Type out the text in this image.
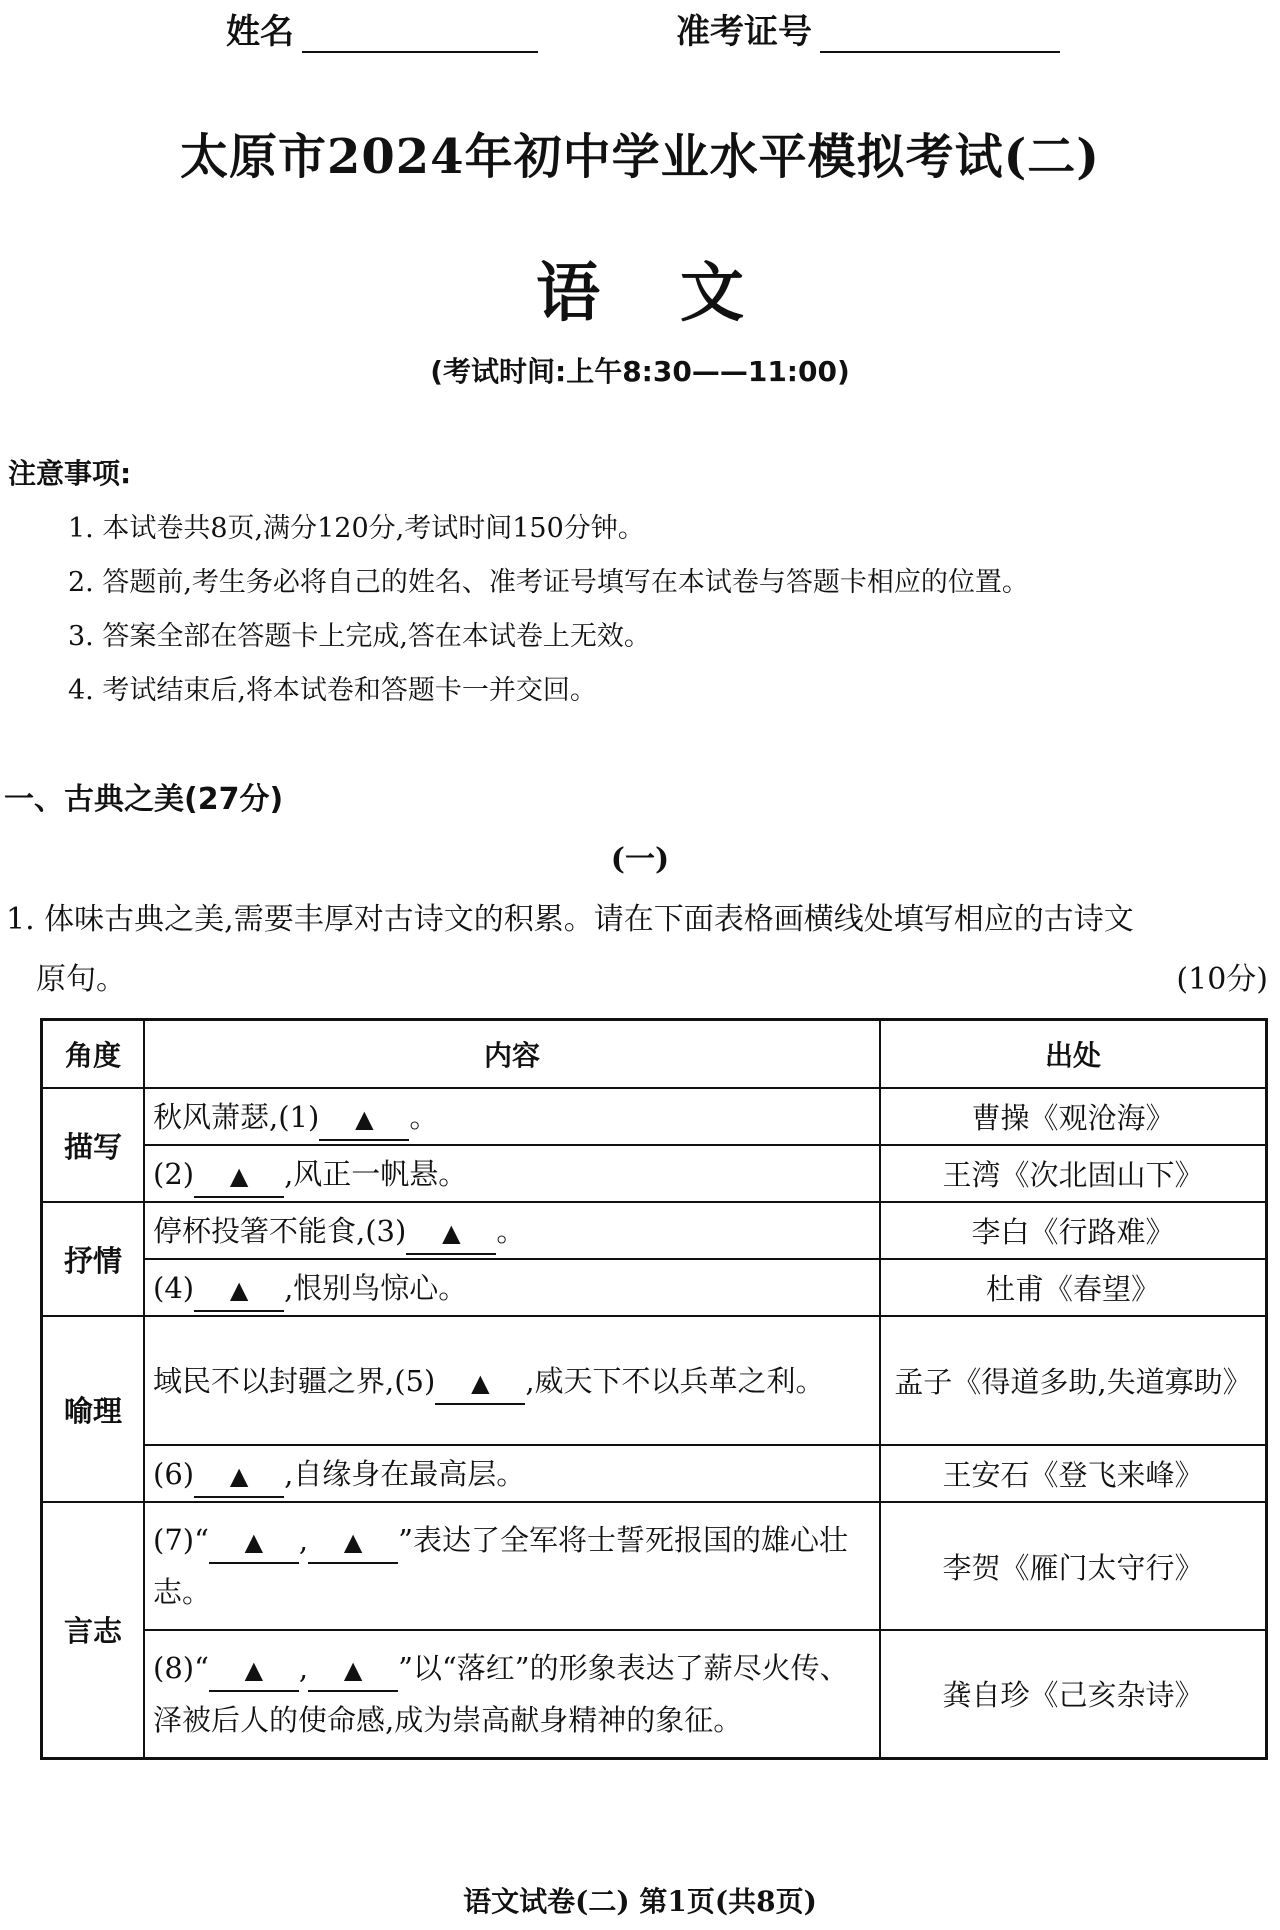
姓名	准考证号
太原市2024年初中学业水平模拟考试(二)
语文
(考试时间:上午8:30——11:00)
注意事项:
1. 本试卷共8页,满分120分,考试时间150分钟。
2. 答题前,考生务必将自己的姓名、准考证号填写在本试卷与答题卡相应的位置。
3. 答案全部在答题卡上完成,答在本试卷上无效。
4. 考试结束后,将本试卷和答题卡一并交回。
一、古典之美(27分)
(一)
1. 体味古典之美,需要丰厚对古诗文的积累。请在下面表格画横线处填写相应的古诗文
原句。	(10分)
角度	内容	出处
描写	秋风萧瑟,(1) ▲ 。	曹操《观沧海》
	(2) ▲ ,风正一帆悬。	王湾《次北固山下》
抒情	停杯投箸不能食,(3) ▲ 。	李白《行路难》
	(4) ▲ ,恨别鸟惊心。	杜甫《春望》
喻理	域民不以封疆之界,(5) ▲ ,威天下不以兵革之利。	孟子《得道多助,失道寡助》
	(6) ▲ ,自缘身在最高层。	王安石《登飞来峰》
言志	(7)“ ▲ , ▲ ”表达了全军将士誓死报国的雄心壮志。	李贺《雁门太守行》
	(8)“ ▲ , ▲ ”以“落红”的形象表达了薪尽火传、泽被后人的使命感,成为崇高献身精神的象征。	龚自珍《己亥杂诗》
语文试卷(二) 第1页(共8页)
